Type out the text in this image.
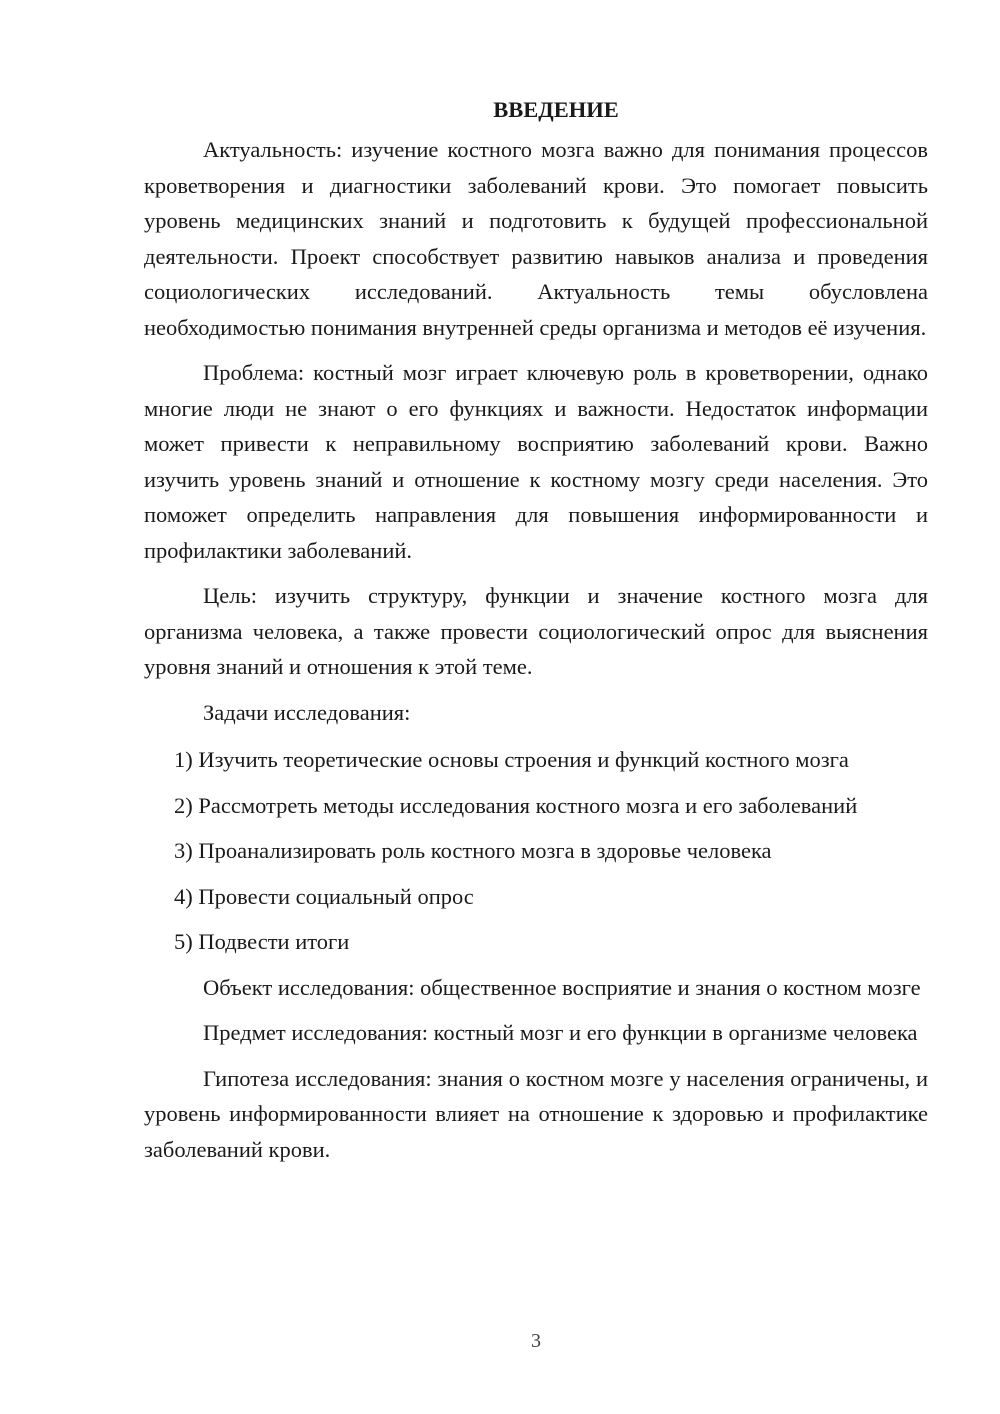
ВВЕДЕНИЕ

Актуальность: изучение костного мозга важно для понимания процессов кроветворения и диагностики заболеваний крови. Это помогает повысить уровень медицинских знаний и подготовить к будущей профессиональной деятельности. Проект способствует развитию навыков анализа и проведения социологических исследований. Актуальность темы обусловлена необходимостью понимания внутренней среды организма и методов её изучения.

Проблема: костный мозг играет ключевую роль в кроветворении, однако многие люди не знают о его функциях и важности. Недостаток информации может привести к неправильному восприятию заболеваний крови. Важно изучить уровень знаний и отношение к костному мозгу среди населения. Это поможет определить направления для повышения информированности и профилактики заболеваний.

Цель: изучить структуру, функции и значение костного мозга для организма человека, а также провести социологический опрос для выяснения уровня знаний и отношения к этой теме.

Задачи исследования:

1) Изучить теоретические основы строения и функций костного мозга

2) Рассмотреть методы исследования костного мозга и его заболеваний

3) Проанализировать роль костного мозга в здоровье человека

4) Провести социальный опрос

5) Подвести итоги

Объект исследования: общественное восприятие и знания о костном мозге

Предмет исследования: костный мозг и его функции в организме человека

Гипотеза исследования: знания о костном мозге у населения ограничены, и уровень информированности влияет на отношение к здоровью и профилактике заболеваний крови.

3
